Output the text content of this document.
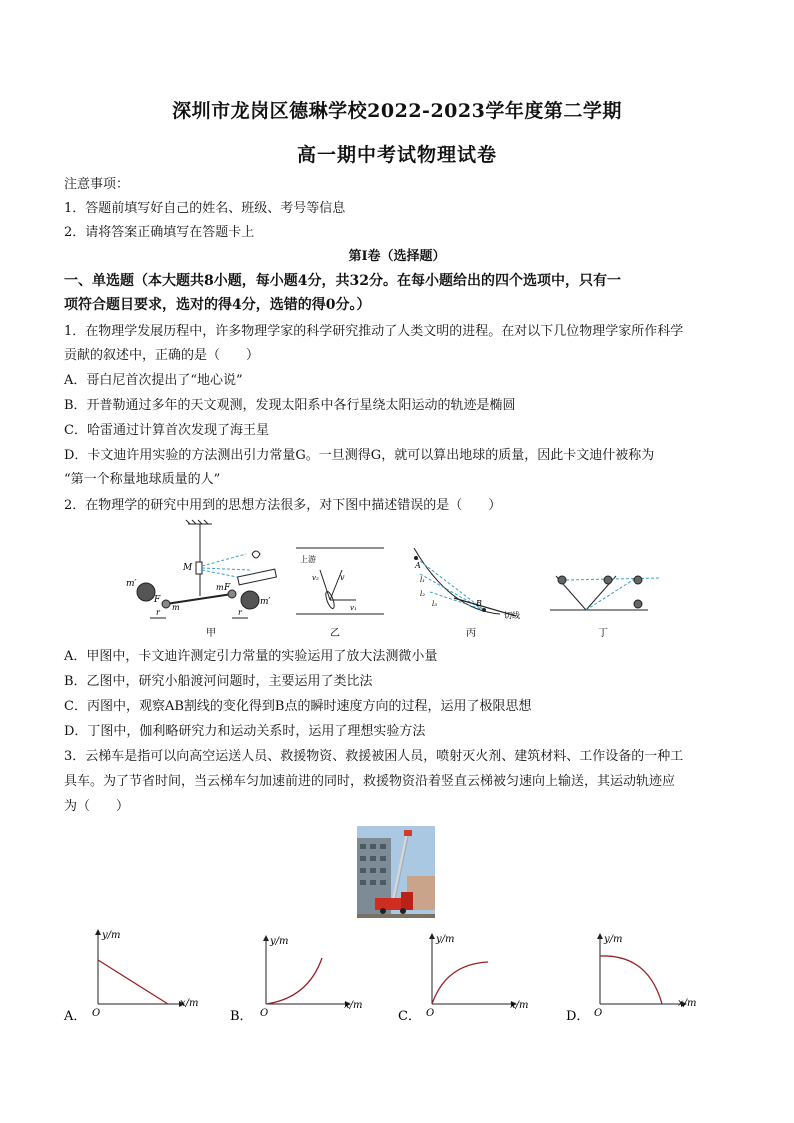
深圳市龙岗区德琳学校2022-2023学年度第二学期
高一期中考试物理试卷
注意事项：
1．答题前填写好自己的姓名、班级、考号等信息
2．请将答案正确填写在答题卡上
第Ⅰ卷（选择题）
一、单选题（本大题共8小题，每小题4分，共32分。在每小题给出的四个选项中，只有一
项符合题目要求，选对的得4分，选错的得0分。）
1．在物理学发展历程中，许多物理学家的科学研究推动了人类文明的进程。在对以下几位物理学家所作科学
贡献的叙述中，正确的是（　　）
A．哥白尼首次提出了“地心说”
B．开普勒通过多年的天文观测，发现太阳系中各行星绕太阳运动的轨迹是椭圆
C．哈雷通过计算首次发现了海王星
D．卡文迪许用实验的方法测出引力常量G。一旦测得G，就可以算出地球的质量，因此卡文迪什被称为
“第一个称量地球质量的人”
2．在物理学的研究中用到的思想方法很多，对下图中描述错误的是（　　）
m′
M
F
m
F
m
m′
r	r
甲
上游
v₂	v
v₁
乙
A
l₁
l₂
l₃	B
切线
丙	丁
A．甲图中，卡文迪许测定引力常量的实验运用了放大法测微小量
B．乙图中，研究小船渡河问题时，主要运用了类比法
C．丙图中，观察AB割线的变化得到B点的瞬时速度方向的过程，运用了极限思想
D．丁图中，伽利略研究力和运动关系时，运用了理想实验方法
3．云梯车是指可以向高空运送人员、救援物资、救援被困人员，喷射灭火剂、建筑材料、工作设备的一种工
具车。为了节省时间，当云梯车匀加速前进的同时，救援物资沿着竖直云梯被匀速向上输送，其运动轨迹应
为（　　）
y/m
x/m
O
A．
y/m
x/m
O
B．
y/m
x/m
O
C．
y/m
x/m
O
D．
